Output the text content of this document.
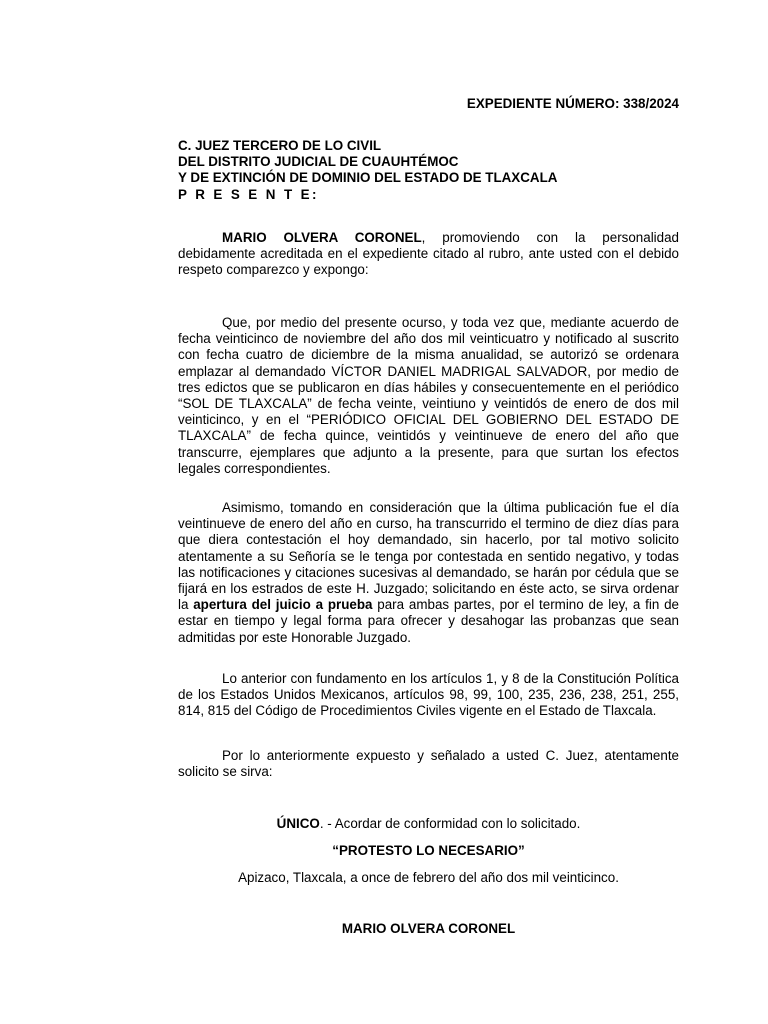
EXPEDIENTE NÚMERO: 338/2024
C. JUEZ TERCERO DE LO CIVIL
DEL DISTRITO JUDICIAL DE CUAUHTÉMOC
Y DE EXTINCIÓN DE DOMINIO DEL ESTADO DE TLAXCALA
P R E S E N T E:

MARIO OLVERA CORONEL, promoviendo con la personalidad debidamente acreditada en el expediente citado al rubro, ante usted con el debido respeto comparezco y expongo:

Que, por medio del presente ocurso, y toda vez que, mediante acuerdo de fecha veinticinco de noviembre del año dos mil veinticuatro y notificado al suscrito con fecha cuatro de diciembre de la misma anualidad, se autorizó se ordenara emplazar al demandado VÍCTOR DANIEL MADRIGAL SALVADOR, por medio de tres edictos que se publicaron en días hábiles y consecuentemente en el periódico “SOL DE TLAXCALA” de fecha veinte, veintiuno y veintidós de enero de dos mil veinticinco, y en el “PERIÓDICO OFICIAL DEL GOBIERNO DEL ESTADO DE TLAXCALA” de fecha quince, veintidós y veintinueve de enero del año que transcurre, ejemplares que adjunto a la presente, para que surtan los efectos legales correspondientes.

Asimismo, tomando en consideración que la última publicación fue el día veintinueve de enero del año en curso, ha transcurrido el termino de diez días para que diera contestación el hoy demandado, sin hacerlo, por tal motivo solicito atentamente a su Señoría se le tenga por contestada en sentido negativo, y todas las notificaciones y citaciones sucesivas al demandado, se harán por cédula que se fijará en los estrados de este H. Juzgado; solicitando en éste acto, se sirva ordenar la apertura del juicio a prueba para ambas partes, por el termino de ley, a fin de estar en tiempo y legal forma para ofrecer y desahogar las probanzas que sean admitidas por este Honorable Juzgado.

Lo anterior con fundamento en los artículos 1, y 8 de la Constitución Política de los Estados Unidos Mexicanos, artículos 98, 99, 100, 235, 236, 238, 251, 255, 814, 815 del Código de Procedimientos Civiles vigente en el Estado de Tlaxcala.

Por lo anteriormente expuesto y señalado a usted C. Juez, atentamente solicito se sirva:

ÚNICO. - Acordar de conformidad con lo solicitado.
“PROTESTO LO NECESARIO”
Apizaco, Tlaxcala, a once de febrero del año dos mil veinticinco.
MARIO OLVERA CORONEL
